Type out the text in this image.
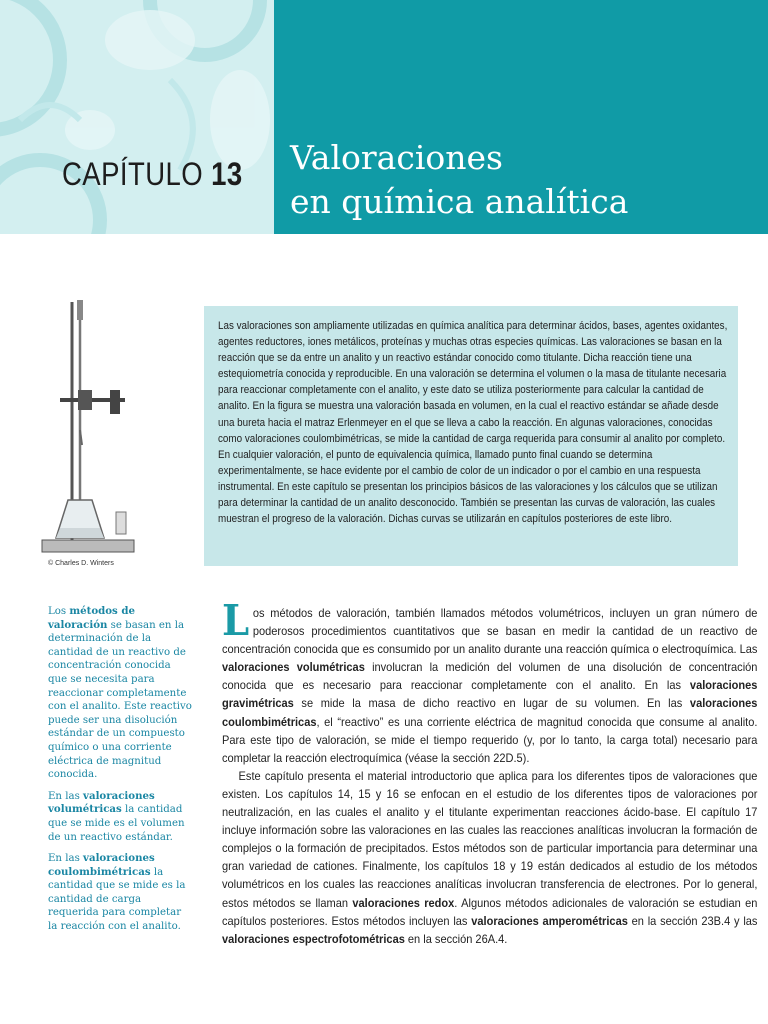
CAPÍTULO 13 Valoraciones
en química analítica
© Charles D. Winters
Las valoraciones son ampliamente utilizadas en química analítica para determinar ácidos, bases, agentes oxidantes, agentes reductores, iones metálicos, proteínas y muchas otras especies químicas. Las valoraciones se basan en la reacción que se da entre un analito y un reactivo estándar conocido como titulante. Dicha reacción tiene una estequiometría conocida y reproducible. En una valoración se determina el volumen o la masa de titulante necesaria para reaccionar completamente con el analito, y este dato se utiliza posteriormente para calcular la cantidad de analito. En la figura se muestra una valoración basada en volumen, en la cual el reactivo estándar se añade desde una bureta hacia el matraz Erlenmeyer en el que se lleva a cabo la reacción. En algunas valoraciones, conocidas como valoraciones coulombimétricas, se mide la cantidad de carga requerida para consumir al analito por completo. En cualquier valoración, el punto de equivalencia química, llamado punto final cuando se determina experimentalmente, se hace evidente por el cambio de color de un indicador o por el cambio en una respuesta instrumental. En este capítulo se presentan los principios básicos de las valoraciones y los cálculos que se utilizan para determinar la cantidad de un analito desconocido. También se presentan las curvas de valoración, las cuales muestran el progreso de la valoración. Dichas curvas se utilizarán en capítulos posteriores de este libro.

Los métodos de valoración se basan en la determinación de la cantidad de un reactivo de concentración conocida que se necesita para reaccionar completamente con el analito. Este reactivo puede ser una disolución estándar de un compuesto químico o una corriente eléctrica de magnitud conocida.

En las valoraciones volumétricas la cantidad que se mide es el volumen de un reactivo estándar.

En las valoraciones coulombimétricas la cantidad que se mide es la cantidad de carga requerida para completar la reacción con el analito.

Los métodos de valoración, también llamados métodos volumétricos, incluyen un gran número de poderosos procedimientos cuantitativos que se basan en medir la cantidad de un reactivo de concentración conocida que es consumido por un analito durante una reacción química o electroquímica. Las valoraciones volumétricas involucran la medición del volumen de una disolución de concentración conocida que es necesario para reaccionar completamente con el analito. En las valoraciones gravimétricas se mide la masa de dicho reactivo en lugar de su volumen. En las valoraciones coulombimétricas, el “reactivo” es una corriente eléctrica de magnitud conocida que consume al analito. Para este tipo de valoración, se mide el tiempo requerido (y, por lo tanto, la carga total) necesario para completar la reacción electroquímica (véase la sección 22D.5).

Este capítulo presenta el material introductorio que aplica para los diferentes tipos de valoraciones que existen. Los capítulos 14, 15 y 16 se enfocan en el estudio de los diferentes tipos de valoraciones por neutralización, en las cuales el analito y el titulante experimentan reacciones ácido-base. El capítulo 17 incluye información sobre las valoraciones en las cuales las reacciones analíticas involucran la formación de complejos o la formación de precipitados. Estos métodos son de particular importancia para determinar una gran variedad de cationes. Finalmente, los capítulos 18 y 19 están dedicados al estudio de los métodos volumétricos en los cuales las reacciones analíticas involucran transferencia de electrones. Por lo general, estos métodos se llaman valoraciones redox. Algunos métodos adicionales de valoración se estudian en capítulos posteriores. Estos métodos incluyen las valoraciones amperométricas en la sección 23B.4 y las valoraciones espectrofotométricas en la sección 26A.4.
